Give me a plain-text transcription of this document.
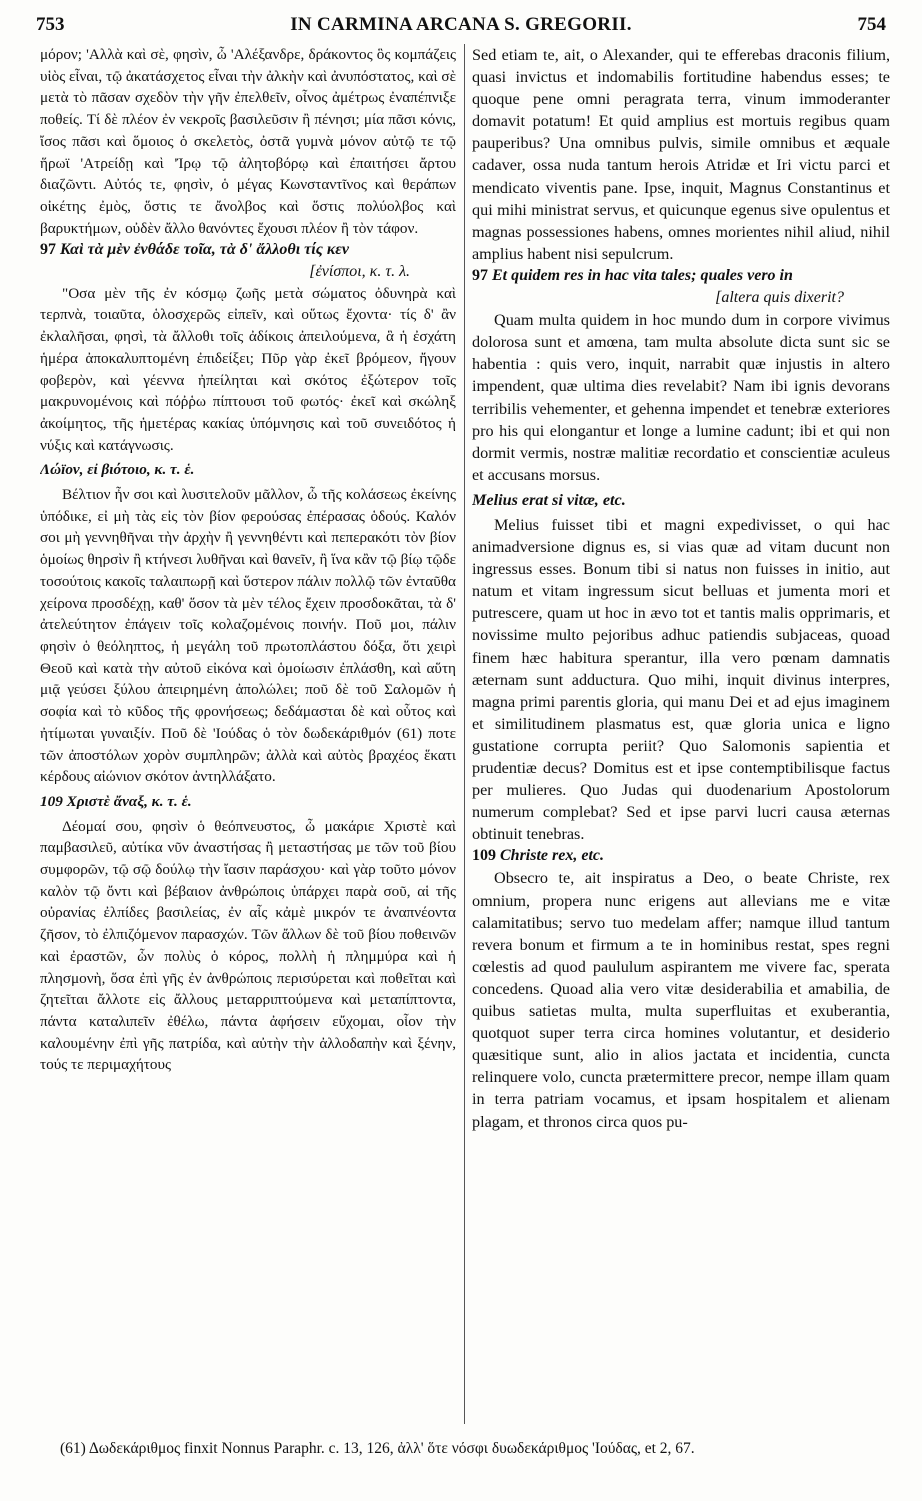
753	IN CARMINA ARCANA S. GREGORII.	754

μόρον; 'Αλλὰ καὶ σὲ, φησὶν, ὦ 'Αλέξανδρε, δράκοντος ὃς κομπάζεις υἱὸς εἶναι, τῷ ἀκατάσχετος εἶναι τὴν ἀλκὴν καὶ ἀνυπόστατος, καὶ σὲ μετὰ τὸ πᾶσαν σχεδὸν τὴν γῆν ἐπελθεῖν, οἶνος ἀμέτρως ἐναπέπνιξε ποθείς. Τί δὲ πλέον ἐν νεκροῖς βασιλεῦσιν ἢ πένησι; μία πᾶσι κόνις, ἴσος πᾶσι καὶ ὅμοιος ὁ σκελετὸς, ὀστᾶ γυμνὰ μόνον αὐτῷ τε τῷ ἥρωϊ 'Ατρείδῃ καὶ 'Ίρῳ τῷ ἀλητοβόρῳ καὶ ἐπαιτήσει ἄρτου διαζῶντι. Αὐτός τε, φησὶν, ὁ μέγας Κωνσταντῖνος καὶ θεράπων οἰκέτης ἐμὸς, ὅστις τε ἄνολβος καὶ ὅστις πολύολβος καὶ βαρυκτήμων, οὐδὲν ἄλλο θανόντες ἔχουσι πλέον ἢ τὸν τάφον.

97 Καὶ τὰ μὲν ἐνθάδε τοῖα, τὰ δ' ἄλλοθι τίς κεν
[ἐνίσποι, κ. τ. λ.

"Οσα μὲν τῆς ἐν κόσμῳ ζωῆς μετὰ σώματος ὀδυνηρὰ καὶ τερπνὰ, τοιαῦτα, ὁλοσχερῶς εἰπεῖν, καὶ οὕτως ἔχοντα· τίς δ' ἂν ἐκλαλῆσαι, φησὶ, τὰ ἄλλοθι τοῖς ἀδίκοις ἀπειλούμενα, ἃ ἡ ἐσχάτη ἡμέρα ἀποκαλυπτομένη ἐπιδείξει; Πῦρ γὰρ ἐκεῖ βρόμεον, ἤγουν φοβερὸν, καὶ γέεννα ἠπείληται καὶ σκότος ἐξώτερον τοῖς μακρυνομένοις καὶ πόῤῥω πίπτουσι τοῦ φωτός· ἐκεῖ καὶ σκώληξ ἀκοίμητος, τῆς ἡμετέρας κακίας ὑπόμνησις καὶ τοῦ συνειδότος ἡ νύξις καὶ κατάγνωσις.

Λώϊον, εἰ βιότοιο, κ. τ. ἑ.

Βέλτιον ἦν σοι καὶ λυσιτελοῦν μᾶλλον, ὦ τῆς κολάσεως ἐκείνης ὑπόδικε, εἰ μὴ τὰς εἰς τὸν βίον φερούσας ἐπέρασας ὁδούς. Καλόν σοι μὴ γεννηθῆναι τὴν ἀρχὴν ἢ γεννηθέντι καὶ πεπερακότι τὸν βίον ὁμοίως θηρσὶν ἢ κτήνεσι λυθῆναι καὶ θανεῖν, ἢ ἵνα κἂν τῷ βίῳ τῷδε τοσούτοις κακοῖς ταλαιπωρῇ καὶ ὕστερον πάλιν πολλῷ τῶν ἐνταῦθα χείρονα προσδέχῃ, καθ' ὅσον τὰ μὲν τέλος ἔχειν προσδοκᾶται, τὰ δ' ἀτελεύτητον ἐπάγειν τοῖς κολαζομένοις ποινήν. Ποῦ μοι, πάλιν φησὶν ὁ θεόληπτος, ἡ μεγάλη τοῦ πρωτοπλάστου δόξα, ὅτι χειρὶ Θεοῦ καὶ κατὰ τὴν αὐτοῦ εἰκόνα καὶ ὁμοίωσιν ἐπλάσθη, καὶ αὕτη μιᾷ γεύσει ξύλου ἀπειρημένη ἀπολώλει; ποῦ δὲ τοῦ Σαλομῶν ἡ σοφία καὶ τὸ κῦδος τῆς φρονήσεως; δεδάμασται δὲ καὶ οὗτος καὶ ἠτίμωται γυναιξίν. Ποῦ δὲ 'Ιούδας ὁ τὸν δωδεκάριθμόν (61) ποτε τῶν ἀποστόλων χορὸν συμπληρῶν; ἀλλὰ καὶ αὐτὸς βραχέος ἕκατι κέρδους αἰώνιον σκότον ἀντηλλάξατο.

109 Χριστὲ ἄναξ, κ. τ. ἑ.

Δέομαί σου, φησὶν ὁ θεόπνευστος, ὦ μακάριε Χριστὲ καὶ παμβασιλεῦ, αὐτίκα νῦν ἀναστήσας ἢ μεταστήσας με τῶν τοῦ βίου συμφορῶν, τῷ σῷ δούλῳ τὴν ἴασιν παράσχου· καὶ γὰρ τοῦτο μόνον καλὸν τῷ ὄντι καὶ βέβαιον ἀνθρώποις ὑπάρχει παρὰ σοῦ, αἱ τῆς οὐρανίας ἐλπίδες βασιλείας, ἐν αἷς κἀμὲ μικρόν τε ἀναπνέοντα ζῆσον, τὸ ἐλπιζόμενον παρασχών. Τῶν ἄλλων δὲ τοῦ βίου ποθεινῶν καὶ ἐραστῶν, ὧν πολὺς ὁ κόρος, πολλὴ ἡ πλημμύρα καὶ ἡ πλησμονὴ, ὅσα ἐπὶ γῆς ἐν ἀνθρώποις περισύρεται καὶ ποθεῖται καὶ ζητεῖται ἄλλοτε εἰς ἄλλους μεταρριπτούμενα καὶ μεταπίπτοντα, πάντα καταλιπεῖν ἐθέλω, πάντα ἀφήσειν εὔχομαι, οἷον τὴν καλουμένην ἐπὶ γῆς πατρίδα, καὶ αὐτὴν τὴν ἀλλοδαπὴν καὶ ξένην, τούς τε περιμαχήτους

Sed etiam te, ait, o Alexander, qui te efferebas draconis filium, quasi invictus et indomabilis fortitudine habendus esses; te quoque pene omni peragrata terra, vinum immoderanter domavit potatum! Et quid amplius est mortuis regibus quam pauperibus? Una omnibus pulvis, simile omnibus et æquale cadaver, ossa nuda tantum herois Atridæ et Iri victu parci et mendicato viventis pane. Ipse, inquit, Magnus Constantinus et qui mihi ministrat servus, et quicunque egenus sive opulentus et magnas possessiones habens, omnes morientes nihil aliud, nihil amplius habent nisi sepulcrum.

97 Et quidem res in hac vita tales; quales vero in
[altera quis dixerit?

Quam multa quidem in hoc mundo dum in corpore vivimus dolorosa sunt et amœna, tam multa absolute dicta sunt sic se habentia : quis vero, inquit, narrabit quæ injustis in altero impendent, quæ ultima dies revelabit? Nam ibi ignis devorans terribilis vehementer, et gehenna impendet et tenebræ exteriores pro his qui elongantur et longe a lumine cadunt; ibi et qui non dormit vermis, nostræ malitiæ recordatio et conscientiæ aculeus et accusans morsus.

Melius erat si vitæ, etc.

Melius fuisset tibi et magni expedivisset, o qui hac animadversione dignus es, si vias quæ ad vitam ducunt non ingressus esses. Bonum tibi si natus non fuisses in initio, aut natum et vitam ingressum sicut belluas et jumenta mori et putrescere, quam ut hoc in ævo tot et tantis malis opprimaris, et novissime multo pejoribus adhuc patiendis subjaceas, quoad finem hæc habitura sperantur, illa vero pœnam damnatis æternam sunt adductura. Quo mihi, inquit divinus interpres, magna primi parentis gloria, qui manu Dei et ad ejus imaginem et similitudinem plasmatus est, quæ gloria unica e ligno gustatione corrupta periit? Quo Salomonis sapientia et prudentiæ decus? Domitus est et ipse contemptibilisque factus per mulieres. Quo Judas qui duodenarium Apostolorum numerum complebat? Sed et ipse parvi lucri causa æternas obtinuit tenebras.

109 Christe rex, etc.

Obsecro te, ait inspiratus a Deo, o beate Christe, rex omnium, propera nunc erigens aut allevians me e vitæ calamitatibus; servo tuo medelam affer; namque illud tantum revera bonum et firmum a te in hominibus restat, spes regni cœlestis ad quod paululum aspirantem me vivere fac, sperata concedens. Quoad alia vero vitæ desiderabilia et amabilia, de quibus satietas multa, multa superfluitas et exuberantia, quotquot super terra circa homines volutantur, et desiderio quæsitique sunt, alio in alios jactata et incidentia, cuncta relinquere volo, cuncta prætermittere precor, nempe illam quam in terra patriam vocamus, et ipsam hospitalem et alienam plagam, et thronos circa quos pu-

(61) Δωδεκάριθμος finxit Nonnus Paraphr. c. 13, 126, ἀλλ' ὅτε νόσφι δυωδεκάριθμος 'Ιούδας, et 2, 67.
